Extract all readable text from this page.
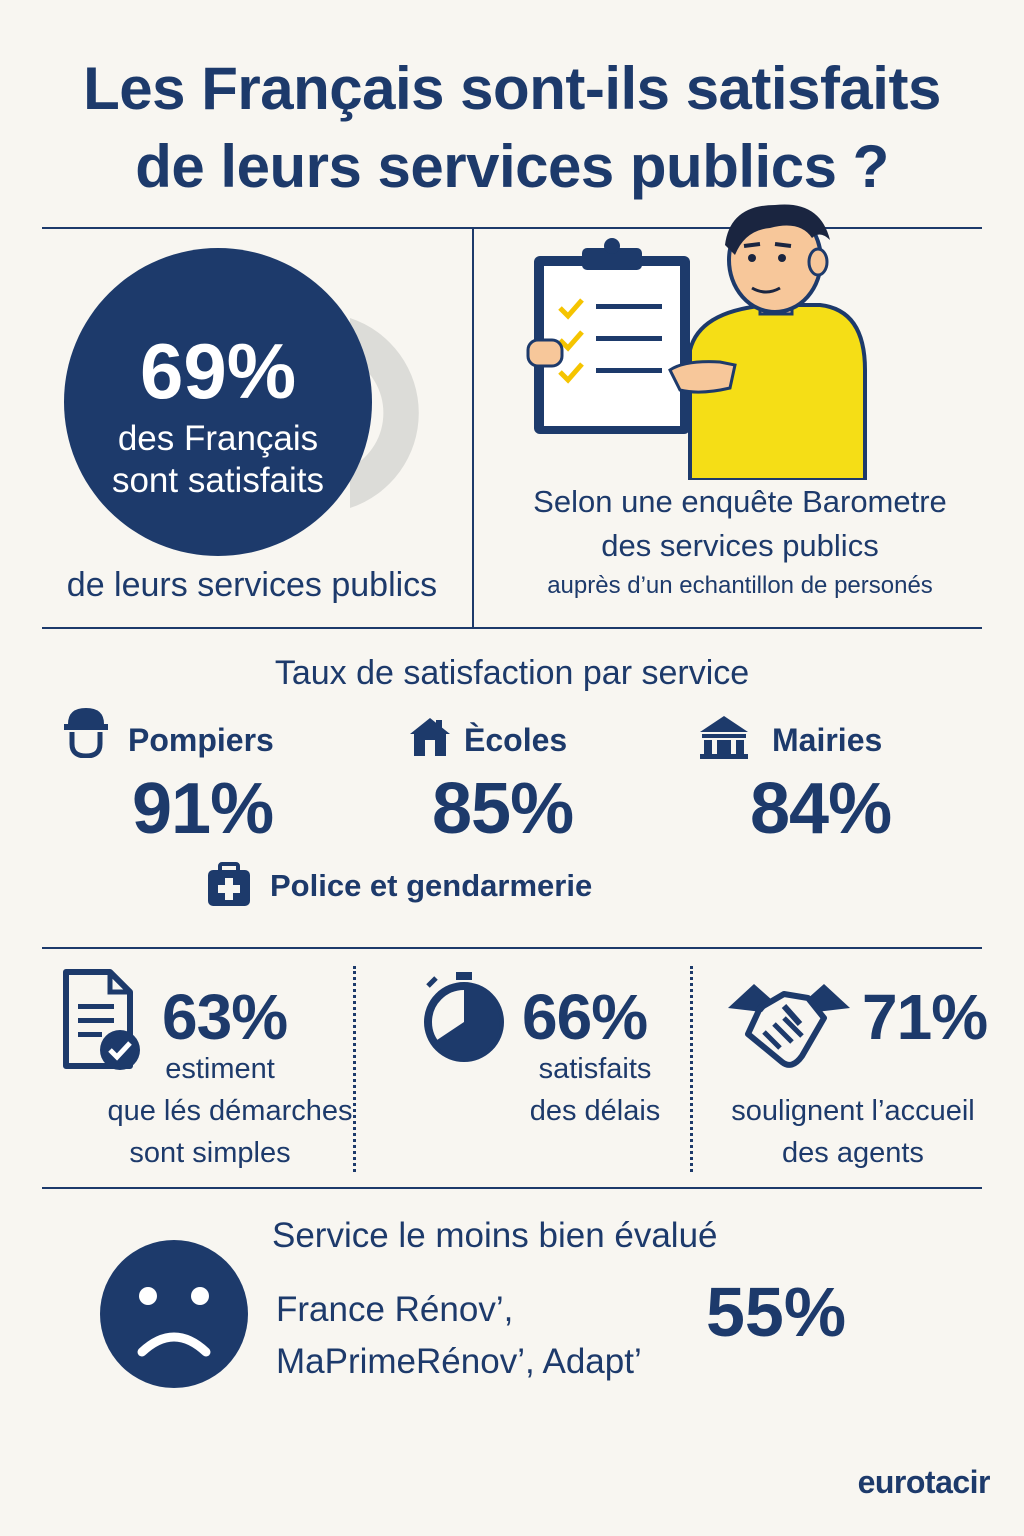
Les Français sont-ils satisfaits
de leurs services publics ?
69%
des Français
sont satisfaits
de leurs services publics
Selon une enquête Barometre
des services publics
auprès d’un echantillon de personés
Taux de satisfaction par service
Pompiers
91%
Ècoles
85%
Mairies
84%
Police et gendarmerie
63%
estiment
que lés démarches
sont simples
66%
satisfaits
des délais
71%
soulignent l’accueil
des agents
Service le moins bien évalué
France Rénov’,
MaPrimeRénov’, Adapt’
55%
eurotacir
